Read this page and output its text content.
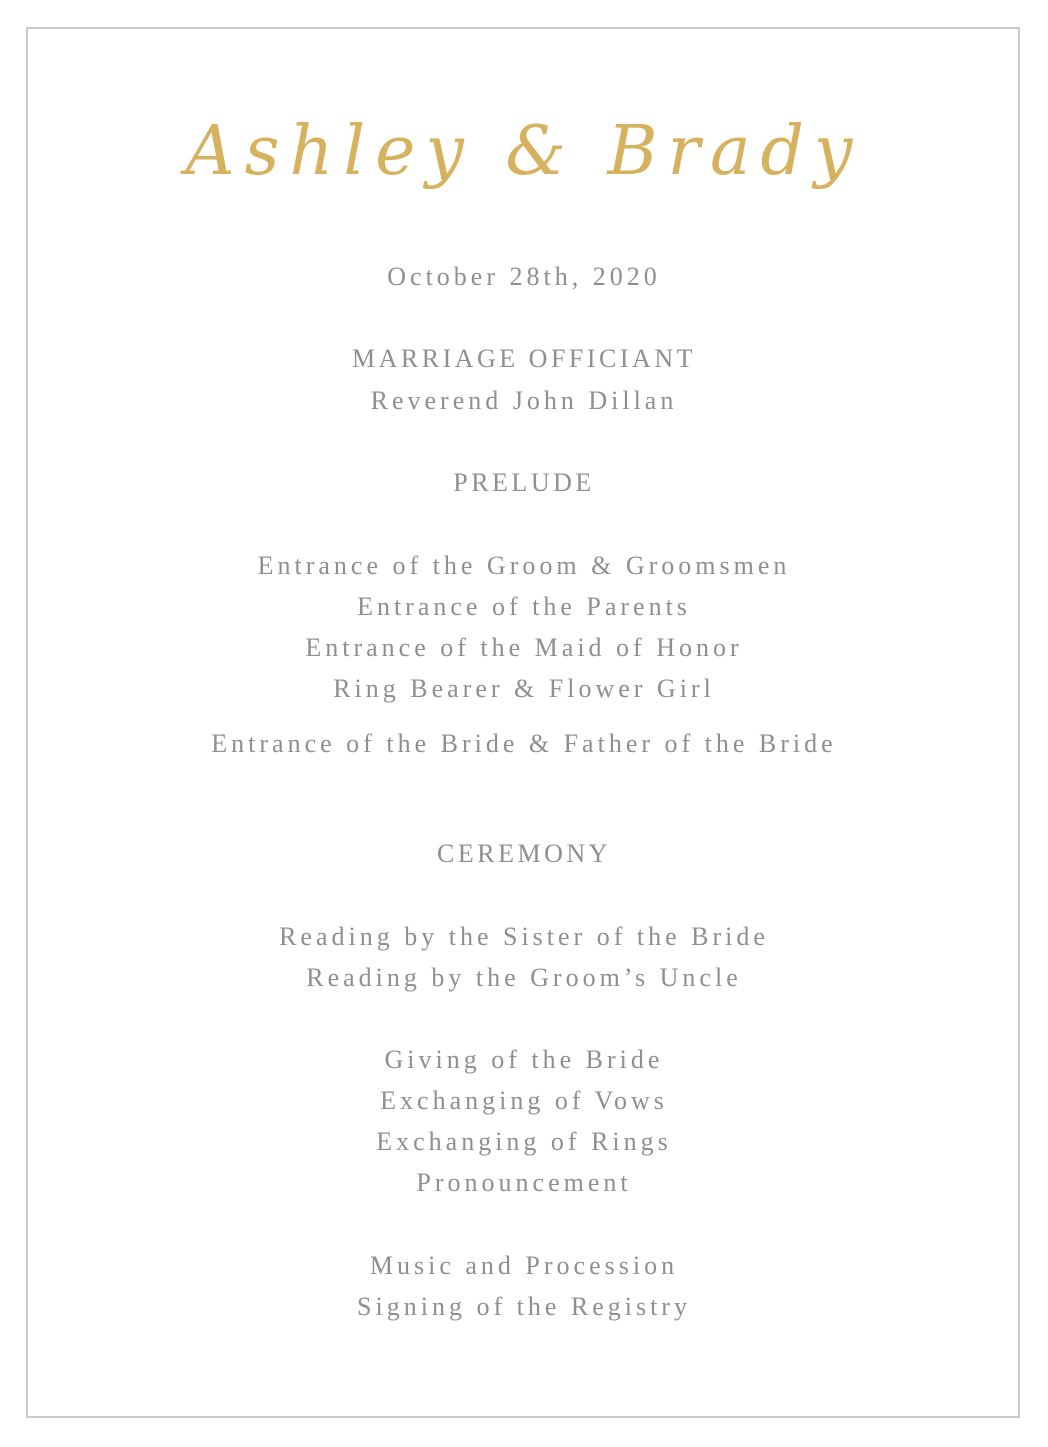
Ashley & Brady
October 28th, 2020
MARRIAGE OFFICIANT
Reverend John Dillan
PRELUDE
Entrance of the Groom & Groomsmen
Entrance of the Parents
Entrance of the Maid of Honor
Ring Bearer & Flower Girl
Entrance of the Bride & Father of the Bride
CEREMONY
Reading by the Sister of the Bride
Reading by the Groom’s Uncle
Giving of the Bride
Exchanging of Vows
Exchanging of Rings
Pronouncement
Music and Procession
Signing of the Registry
